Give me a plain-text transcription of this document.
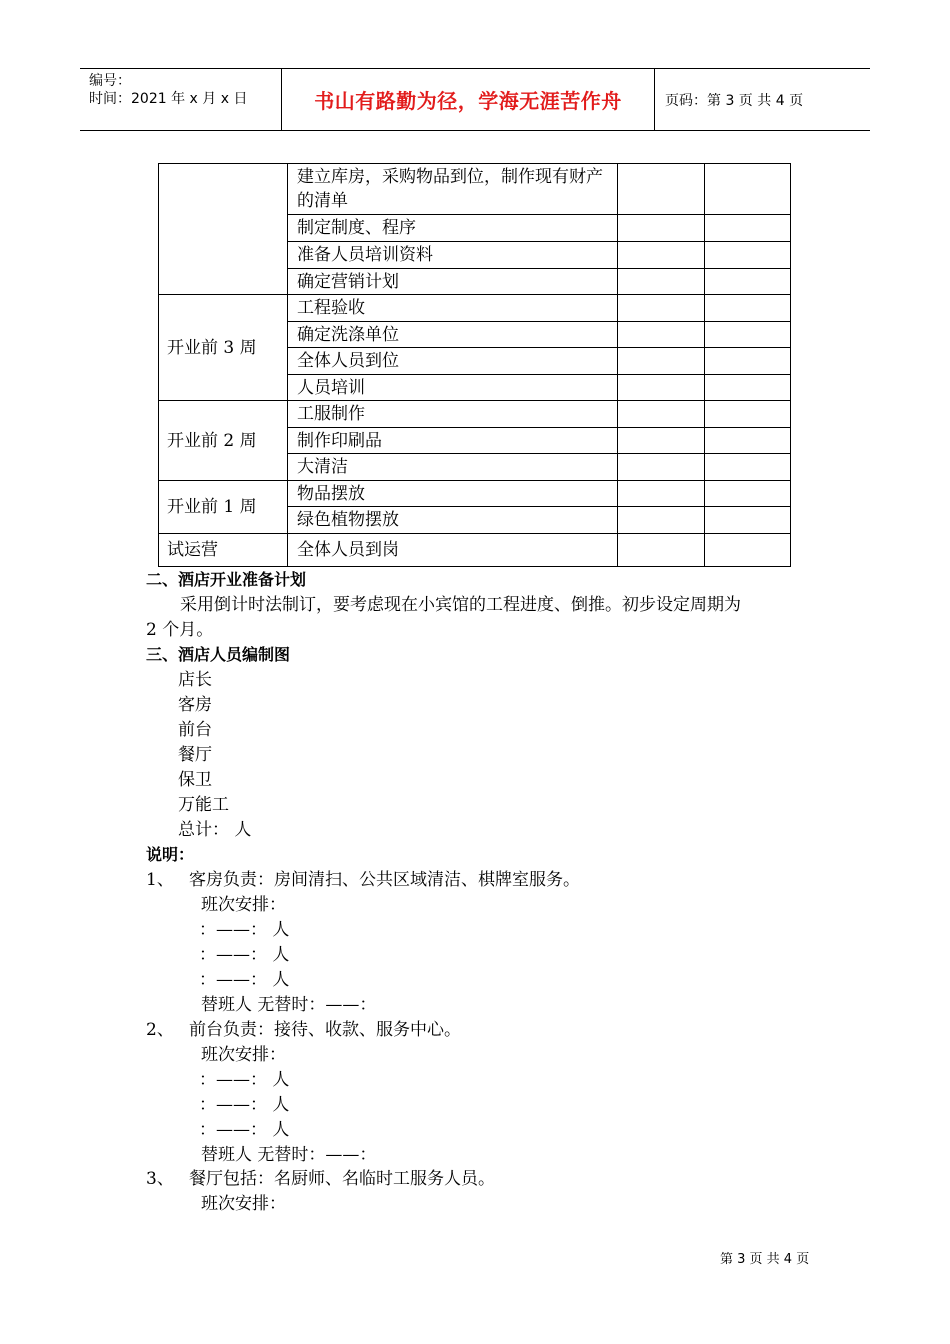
编号：
时间：2021 年 x 月 x 日	书山有路勤为径，学海无涯苦作舟	页码：第 3 页 共 4 页
	建立库房，采购物品到位，制作现有财产的清单		
	制定制度、程序		
	准备人员培训资料		
	确定营销计划		
开业前 3 周	工程验收		
	确定洗涤单位		
	全体人员到位		
	人员培训		
开业前 2 周	工服制作		
	制作印刷品		
	大清洁		
开业前 1 周	物品摆放		
	绿色植物摆放		
试运营	全体人员到岗		
二、酒店开业准备计划
采用倒计时法制订，要考虑现在小宾馆的工程进度、倒推。初步设定周期为
2 个月。
三、酒店人员编制图
店长
客房
前台
餐厅
保卫
万能工
总计： 人
说明：
1、 客房负责：房间清扫、公共区域清洁、棋牌室服务。
班次安排：
：——： 人
：——： 人
：——： 人
替班人 无替时：——：
2、 前台负责：接待、收款、服务中心。
班次安排：
：——： 人
：——： 人
：——： 人
替班人 无替时：——：
3、 餐厅包括：名厨师、名临时工服务人员。
班次安排：
第 3 页 共 4 页
